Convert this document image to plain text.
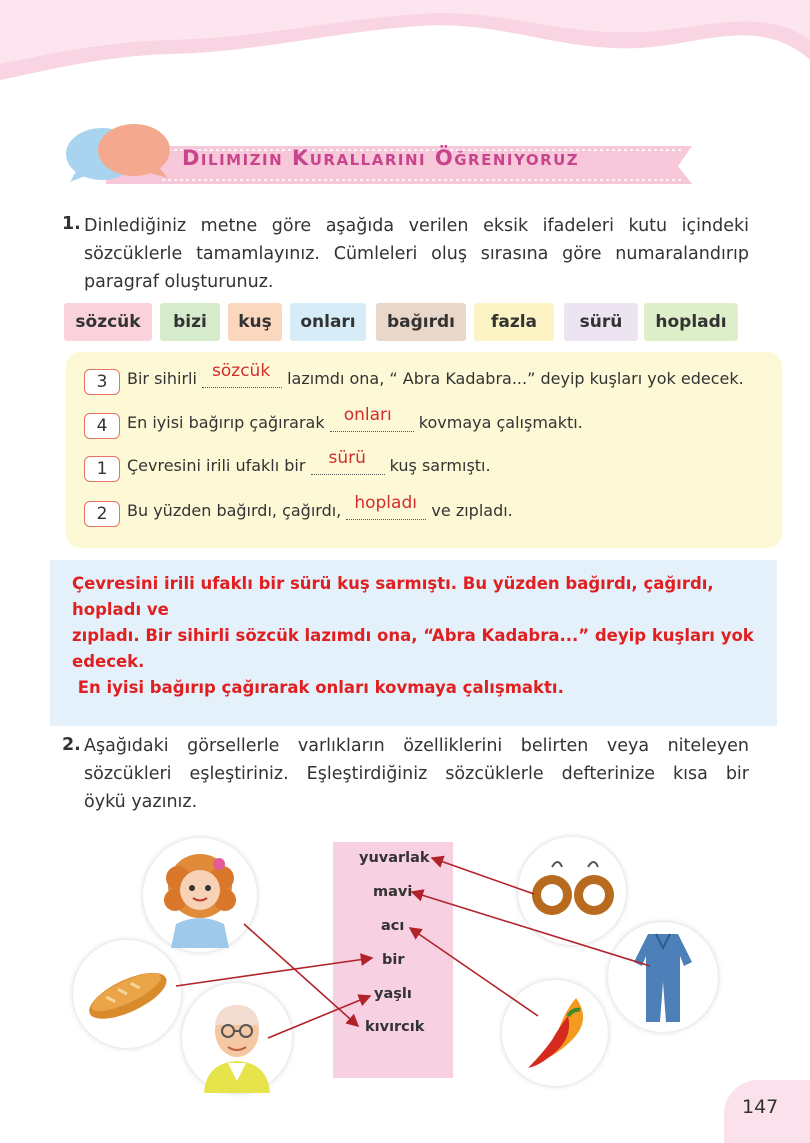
Dilimizin Kurallarını Öğreniyoruz
1. Dinlediğiniz metne göre aşağıda verilen eksik ifadeleri kutu içindeki
sözcüklerle tamamlayınız. Cümleleri oluş sırasına göre numaralandırıp
paragraf oluşturunuz.
sözcük	bizi	kuş	onları	bağırdı	fazla	sürü	hopladı
3	Bir sihirli sözcük lazımdı ona, “ Abra Kadabra...” deyip kuşları yok edecek.
4	En iyisi bağırıp çağırarak onları kovmaya çalışmaktı.
1	Çevresini irili ufaklı bir sürü kuş sarmıştı.
2	Bu yüzden bağırdı, çağırdı, hopladı ve zıpladı.
Çevresini irili ufaklı bir sürü kuş sarmıştı. Bu yüzden bağırdı, çağırdı, hopladı ve
zıpladı. Bir sihirli sözcük lazımdı ona, “Abra Kadabra...” deyip kuşları yok edecek.
En iyisi bağırıp çağırarak onları kovmaya çalışmaktı.
2. Aşağıdaki görsellerle varlıkların özelliklerini belirten veya niteleyen
sözcükleri eşleştiriniz. Eşleştirdiğiniz sözcüklerle defterinize kısa bir
öykü yazınız.
yuvarlak
mavi
acı
bir
yaşlı
kıvırcık
147
